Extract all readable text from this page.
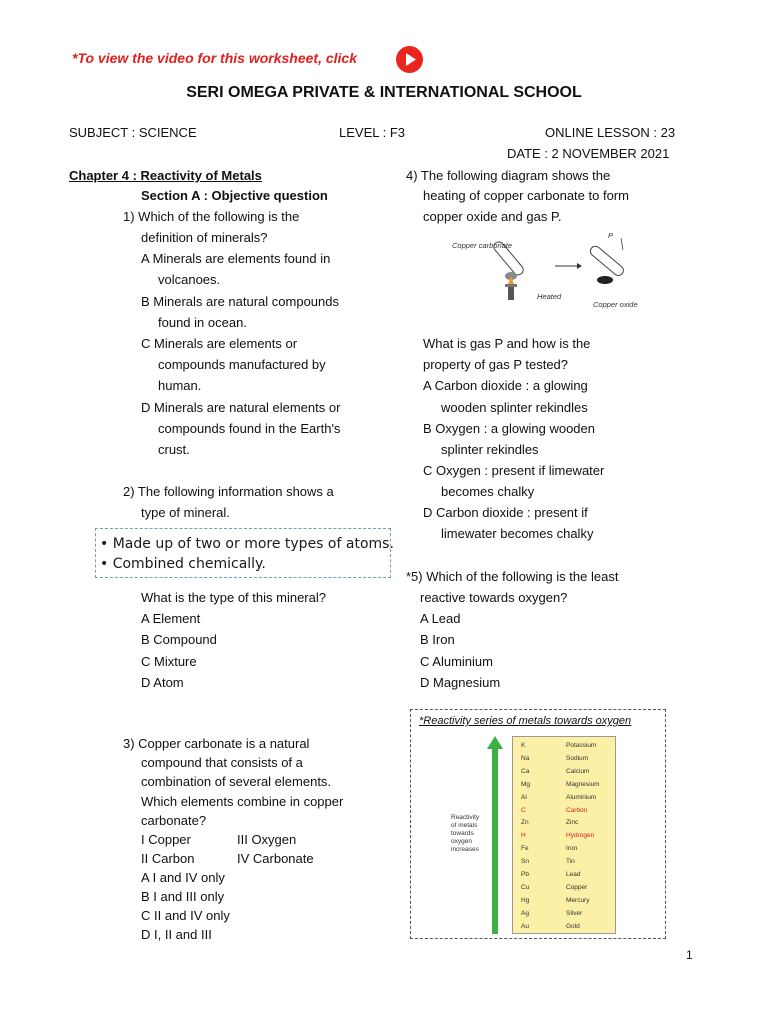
*To view the video for this worksheet, click
SERI OMEGA PRIVATE & INTERNATIONAL SCHOOL
SUBJECT : SCIENCE	LEVEL : F3	ONLINE LESSON : 23
DATE : 2 NOVEMBER 2021
Chapter 4 : Reactivity of Metals
Section A : Objective question
1) Which of the following is the
definition of minerals?
A Minerals are elements found in
volcanoes.
B Minerals are natural compounds
found in ocean.
C Minerals are elements or
compounds manufactured by
human.
D Minerals are natural elements or
compounds found in the Earth's
crust.
2) The following information shows a
type of mineral.
• Made up of two or more types of atoms.
• Combined chemically.
What is the type of this mineral?
A Element
B Compound
C Mixture
D Atom
3) Copper carbonate is a natural
compound that consists of a
combination of several elements.
Which elements combine in copper
carbonate?
I Copper	III Oxygen
II Carbon	IV Carbonate
A I and IV only
B I and III only
C II and IV only
D I, II and III
4) The following diagram shows the
heating of copper carbonate to form
copper oxide and gas P.
Copper carbonate
P
Heated
Copper oxide
What is gas P and how is the
property of gas P tested?
A Carbon dioxide : a glowing
wooden splinter rekindles
B Oxygen : a glowing wooden
splinter rekindles
C Oxygen : present if limewater
becomes chalky
D Carbon dioxide : present if
limewater becomes chalky
*5) Which of the following is the least
reactive towards oxygen?
A Lead
B Iron
C Aluminium
D Magnesium
*Reactivity series of metals towards oxygen
Reactivity
of metals
towards
oxygen
increases
K	Potassium
Na	Sodium
Ca	Calcium
Mg	Magnesium
Al	Aluminium
C	Carbon
Zn	Zinc
H	Hydrogen
Fe	Iron
Sn	Tin
Pb	Lead
Cu	Copper
Hg	Mercury
Ag	Silver
Au	Gold
1
